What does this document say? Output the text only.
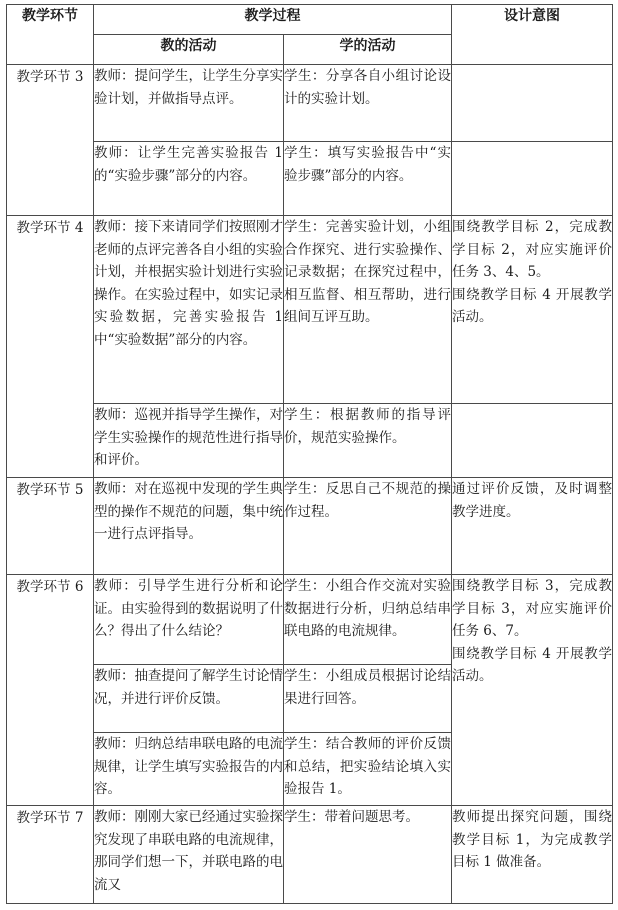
教学环节	教学过程		设计意图
	教的活动	学的活动	
教学环节 3	教师：提问学生，让学生分享实验计划，并做指导点评。	学生：分享各自小组讨论设计的实验计划。	
	教师：让学生完善实验报告 1 的“实验步骤”部分的内容。	学生：填写实验报告中“实验步骤”部分的内容。	
教学环节 4	教师：接下来请同学们按照刚才老师的点评完善各自小组的实验计划，并根据实验计划进行实验操作。在实验过程中，如实记录实验数据，完善实验报告 1 中“实验数据”部分的内容。	学生：完善实验计划，小组合作探究、进行实验操作、记录数据；在探究过程中，相互监督、相互帮助，进行组间互评互助。	围绕教学目标 2，完成教学目标 2，对应实施评价任务 3、4、5。

围绕教学目标 4 开展教学活动。

	教师：巡视并指导学生操作，对学生实验操作的规范性进行指导和评价。	学生：根据教师的指导评价，规范实验操作。	
教学环节 5	教师：对在巡视中发现的学生典型的操作不规范的问题，集中统一进行点评指导。	学生：反思自己不规范的操作过程。	通过评价反馈，及时调整教学进度。
教学环节 6	教师：引导学生进行分析和论证。由实验得到的数据说明了什么？得出了什么结论？	学生：小组合作交流对实验数据进行分析，归纳总结串联电路的电流规律。	围绕教学目标 3，完成教学目标 3，对应实施评价任务 6、7。

围绕教学目标 4 开展教学活动。

	教师：抽查提问了解学生讨论情况，并进行评价反馈。	学生：小组成员根据讨论结果进行回答。	
	教师：归纳总结串联电路的电流规律，让学生填写实验报告的内容。	学生：结合教师的评价反馈和总结，把实验结论填入实验报告 1。	
教学环节 7	教师：刚刚大家已经通过实验探究发现了串联电路的电流规律，那同学们想一下，并联电路的电流又	学生：带着问题思考。	教师提出探究问题，围绕教学目标 1，为完成教学目标 1 做准备。
